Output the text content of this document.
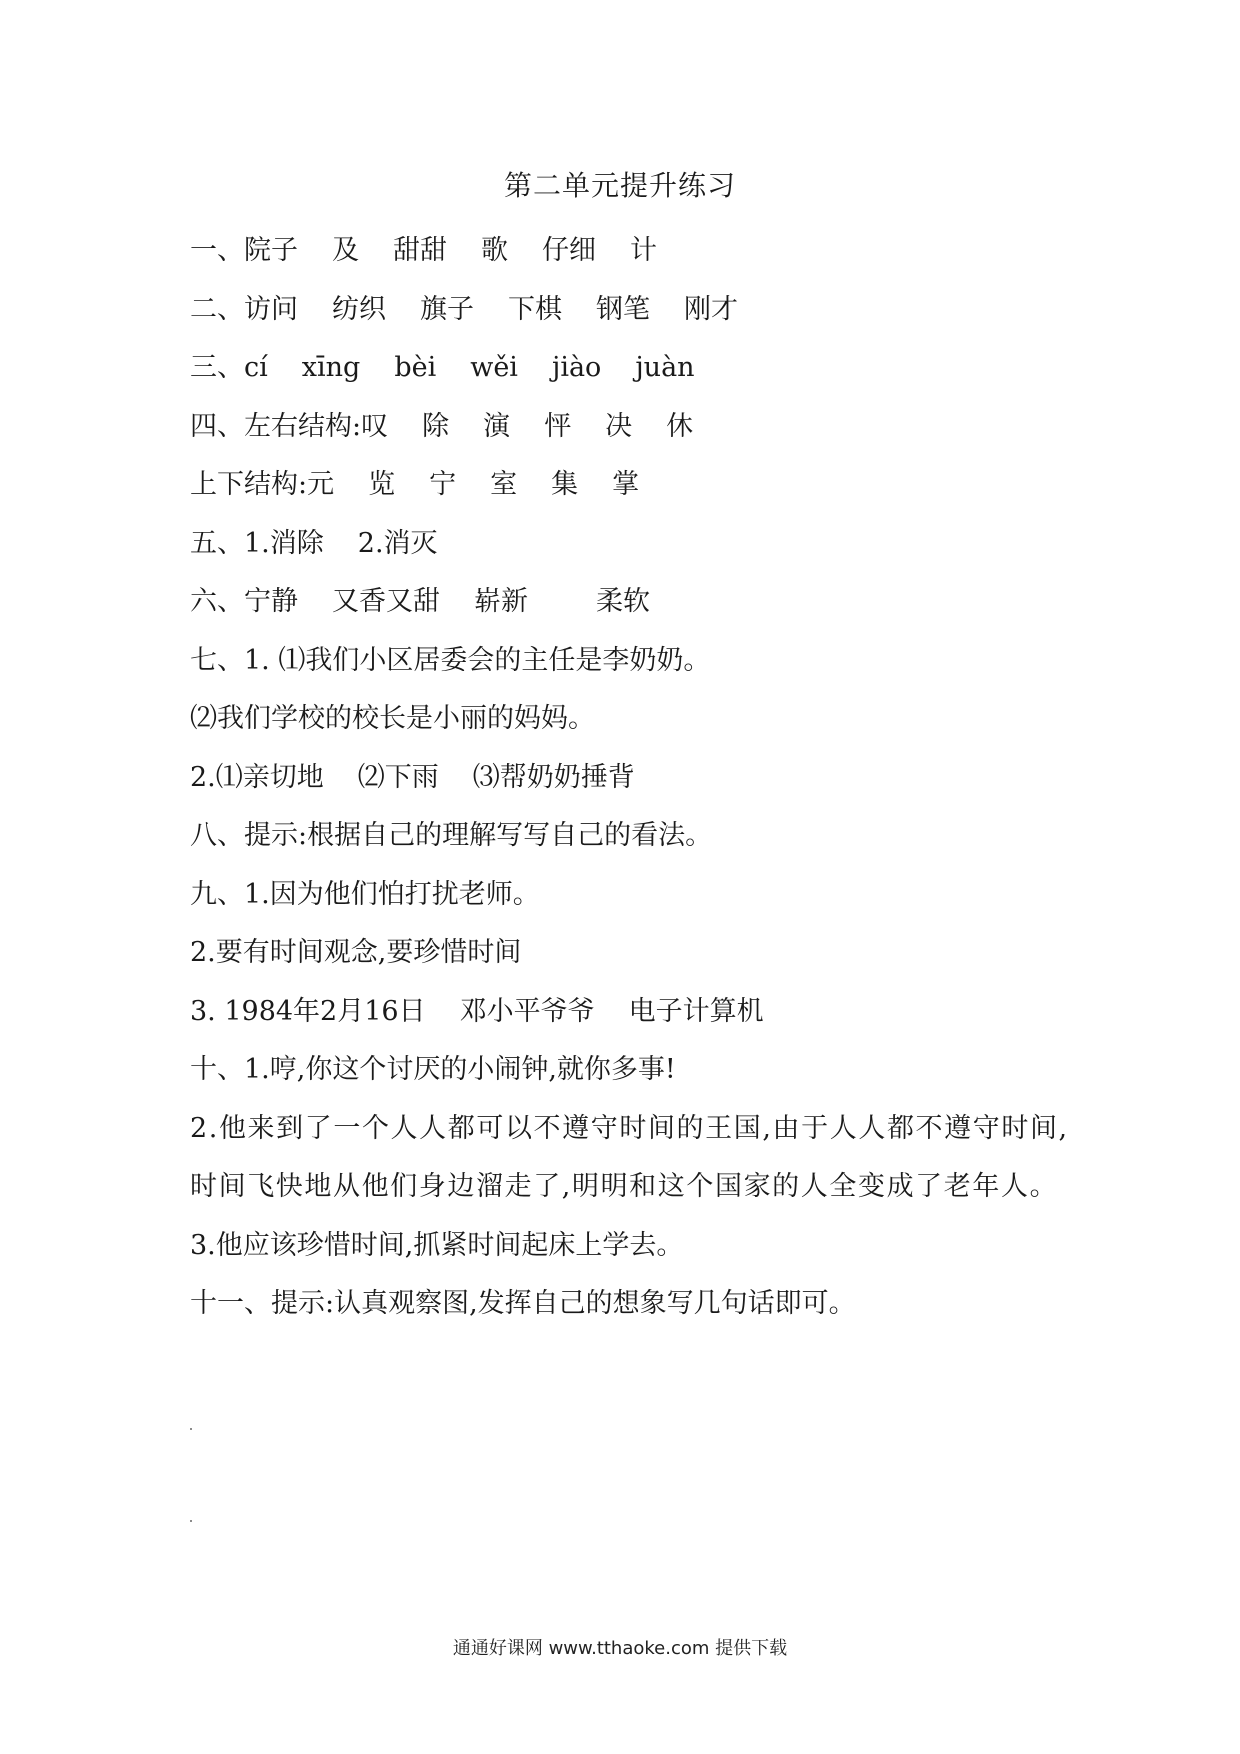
第二单元提升练习
一、院子 及 甜甜 歌 仔细 计
二、访问 纺织 旗子 下棋 钢笔 刚才
三、cí xīng bèi wěi jiào juàn
四、左右结构:叹 除 演 怦 决 休
上下结构:元 览 宁 室 集 掌
五、1.消除 2.消灭
六、宁静 又香又甜 崭新	柔软
七、1. ⑴我们小区居委会的主任是李奶奶。
⑵我们学校的校长是小丽的妈妈。
2.⑴亲切地 ⑵下雨 ⑶帮奶奶捶背
八、提示:根据自己的理解写写自己的看法。
九、1.因为他们怕打扰老师。
2.要有时间观念,要珍惜时间
3. 1984年2月16日 邓小平爷爷 电子计算机
十、1.哼,你这个讨厌的小闹钟,就你多事!
2.他来到了一个人人都可以不遵守时间的王国,由于人人都不遵守时间,时间飞快地从他们身边溜走了,明明和这个国家的人全变成了老年人。
3.他应该珍惜时间,抓紧时间起床上学去。
十一、提示:认真观察图,发挥自己的想象写几句话即可。
通通好课网 www.tthaoke.com 提供下载
